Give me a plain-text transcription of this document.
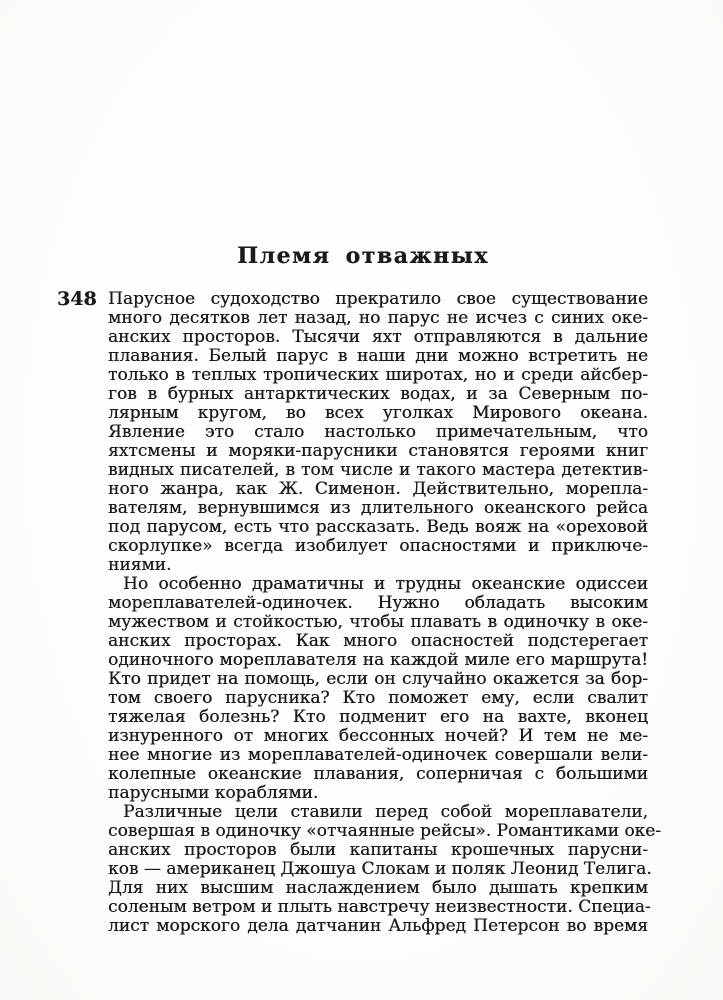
Племя отважных
348 Парусное судоходство прекратило свое существование
много десятков лет назад, но парус не исчез с синих оке-
анских просторов. Тысячи яхт отправляются в дальние
плавания. Белый парус в наши дни можно встретить не
только в теплых тропических широтах, но и среди айсбер-
гов в бурных антарктических водах, и за Северным по-
лярным кругом, во всех уголках Мирового океана.
Явление это стало настолько примечательным, что
яхтсмены и моряки-парусники становятся героями книг
видных писателей, в том числе и такого мастера детектив-
ного жанра, как Ж. Сименон. Действительно, морепла-
вателям, вернувшимся из длительного океанского рейса
под парусом, есть что рассказать. Ведь вояж на «ореховой
скорлупке» всегда изобилует опасностями и приключе-
ниями.
Но особенно драматичны и трудны океанские одиссеи
мореплавателей-одиночек. Нужно обладать высоким
мужеством и стойкостью, чтобы плавать в одиночку в оке-
анских просторах. Как много опасностей подстерегает
одиночного мореплавателя на каждой миле его маршрута!
Кто придет на помощь, если он случайно окажется за бор-
том своего парусника? Кто поможет ему, если свалит
тяжелая болезнь? Кто подменит его на вахте, вконец
изнуренного от многих бессонных ночей? И тем не ме-
нее многие из мореплавателей-одиночек совершали вели-
колепные океанские плавания, соперничая с большими
парусными кораблями.
Различные цели ставили перед собой мореплаватели,
совершая в одиночку «отчаянные рейсы». Романтиками оке-
анских просторов были капитаны крошечных парусни-
ков — американец Джошуа Слокам и поляк Леонид Телига.
Для них высшим наслаждением было дышать крепким
соленым ветром и плыть навстречу неизвестности. Специа-
лист морского дела датчанин Альфред Петерсон во время
